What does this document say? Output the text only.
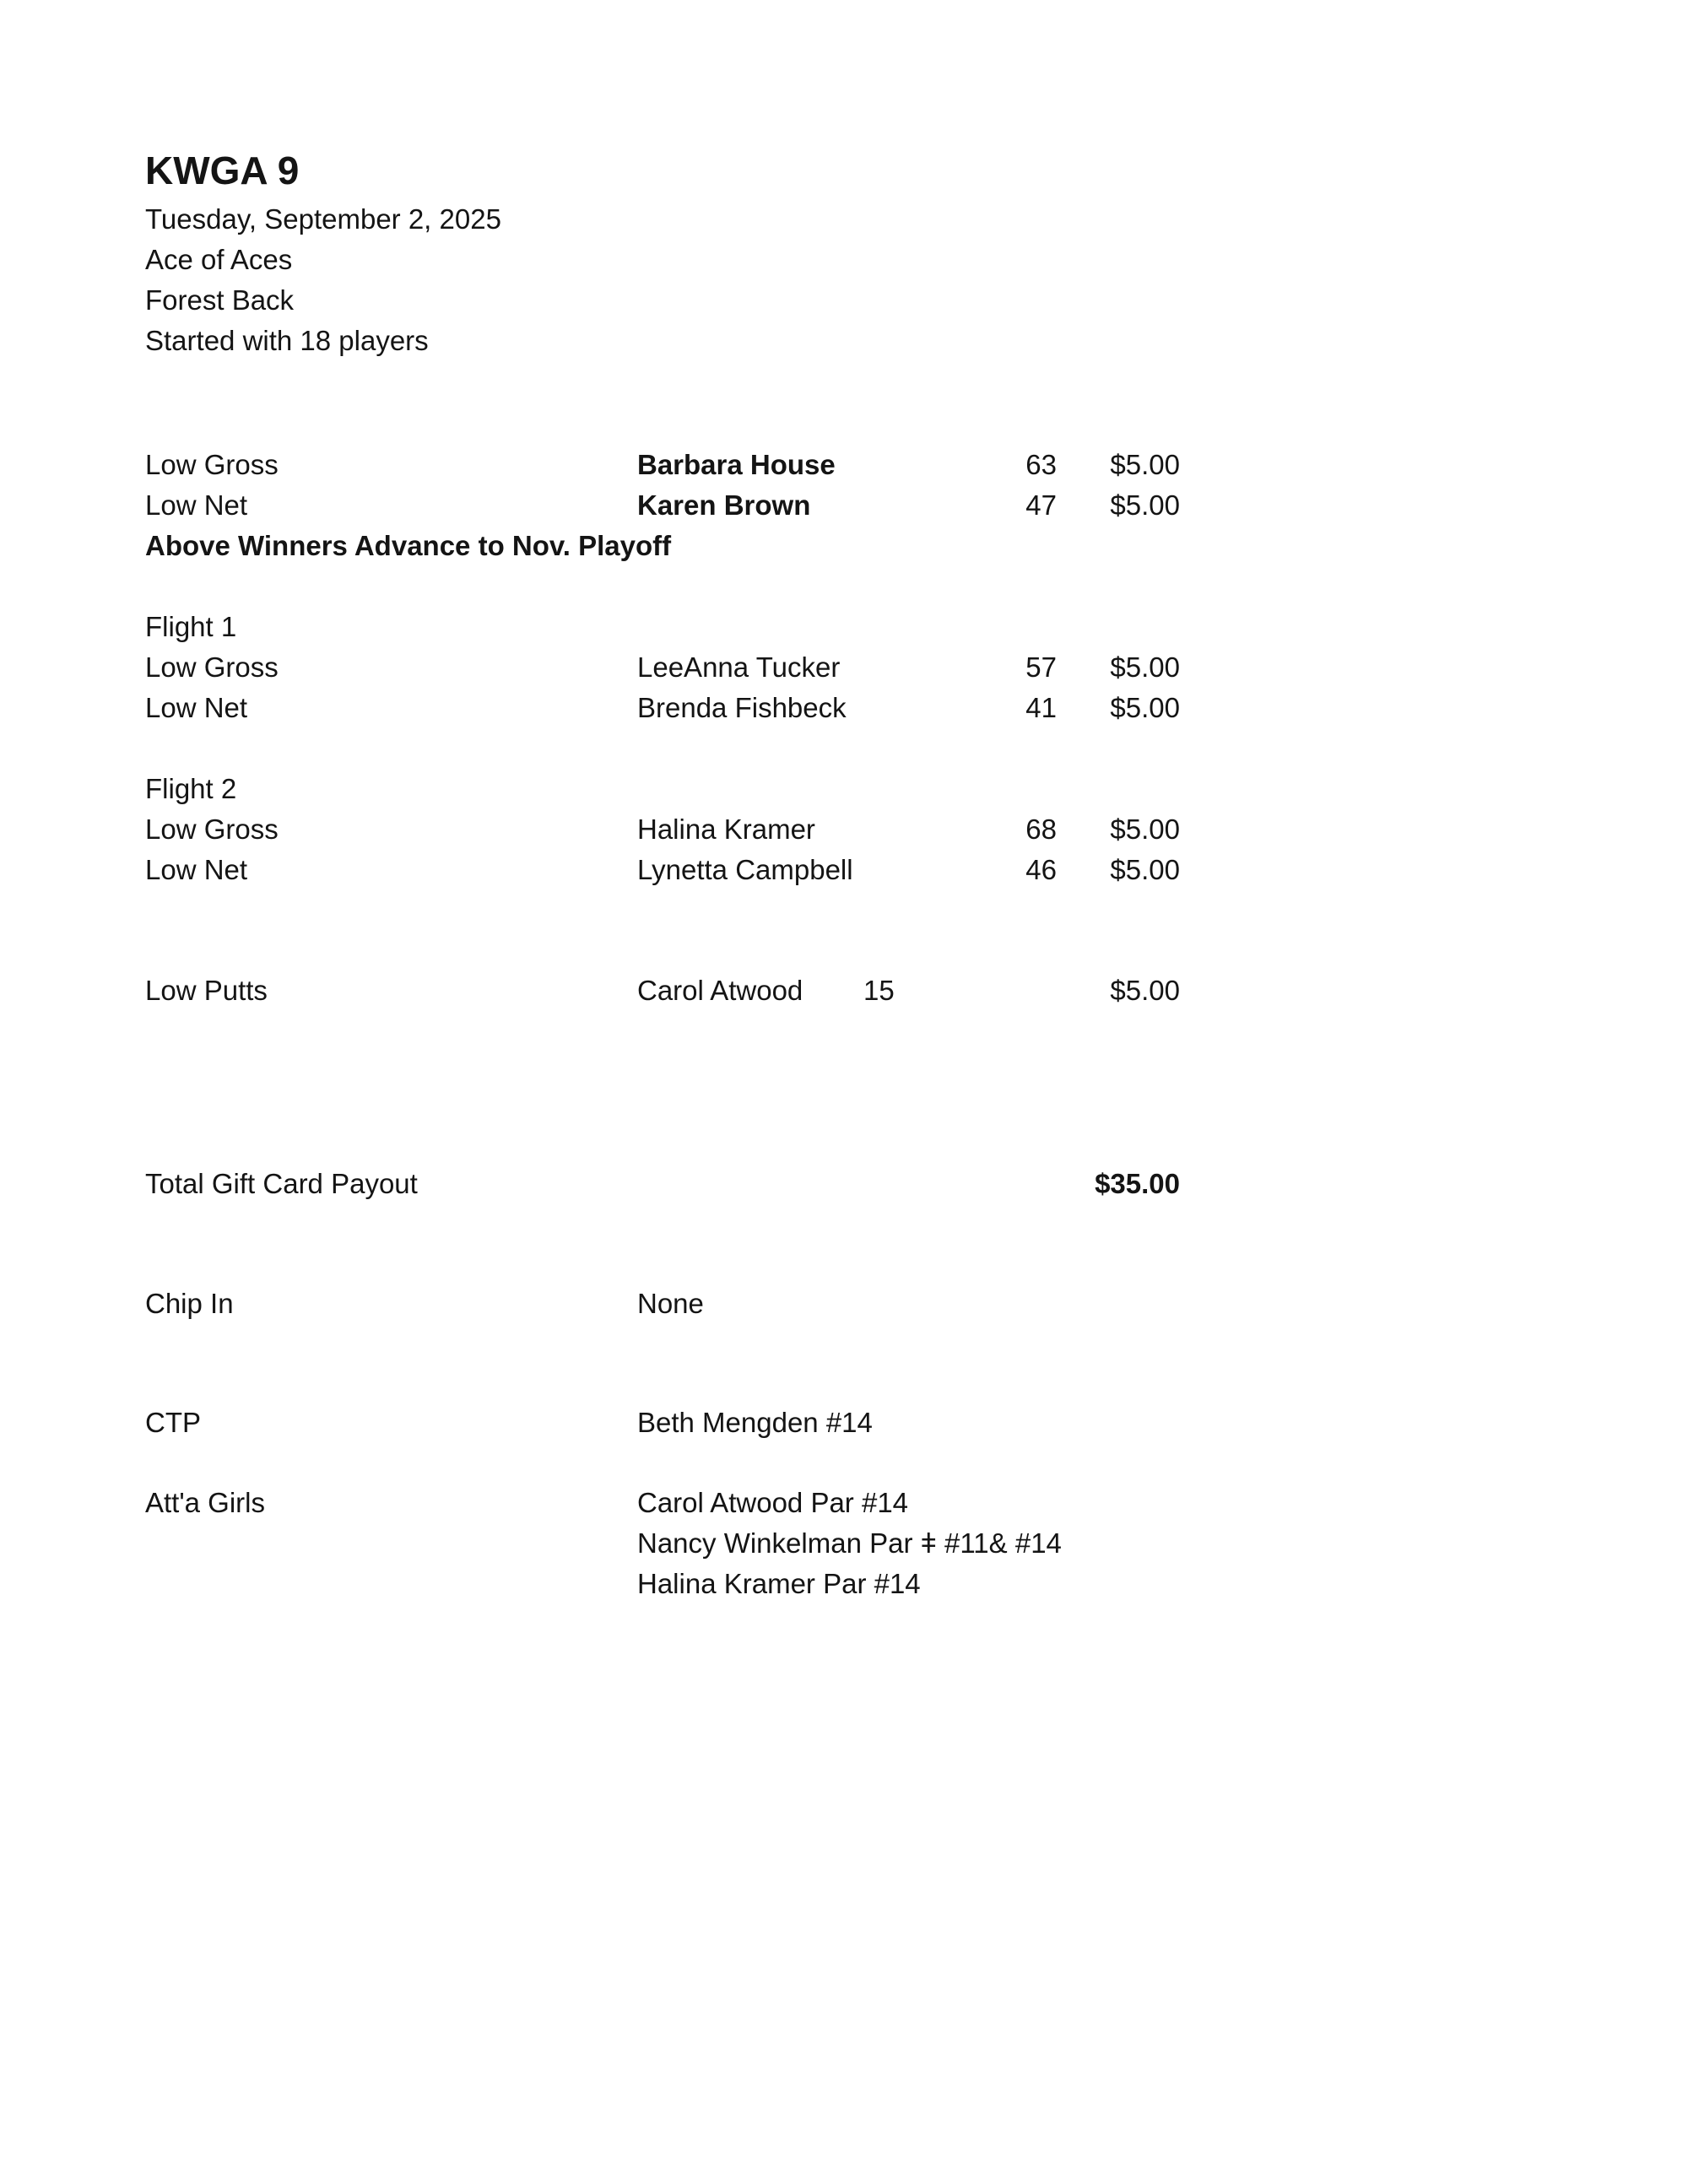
KWGA 9
Tuesday, September 2, 2025
Ace of Aces
Forest Back
Started with 18 players
Low Gross	Barbara House	63	$5.00
Low Net	Karen Brown	47	$5.00
Above Winners Advance to Nov. Playoff
Flight 1
Low Gross	LeeAnna Tucker	57	$5.00
Low Net	Brenda Fishbeck	41	$5.00
Flight 2
Low Gross	Halina Kramer	68	$5.00
Low Net	Lynetta Campbell	46	$5.00
Low Putts	Carol Atwood 15	$5.00
Total Gift Card Payout	$35.00
Chip In	None
CTP	Beth Mengden #14
Att'a Girls	Carol Atwood Par #14
Nancy Winkelman Par ǂ #11& #14
Halina Kramer Par #14
